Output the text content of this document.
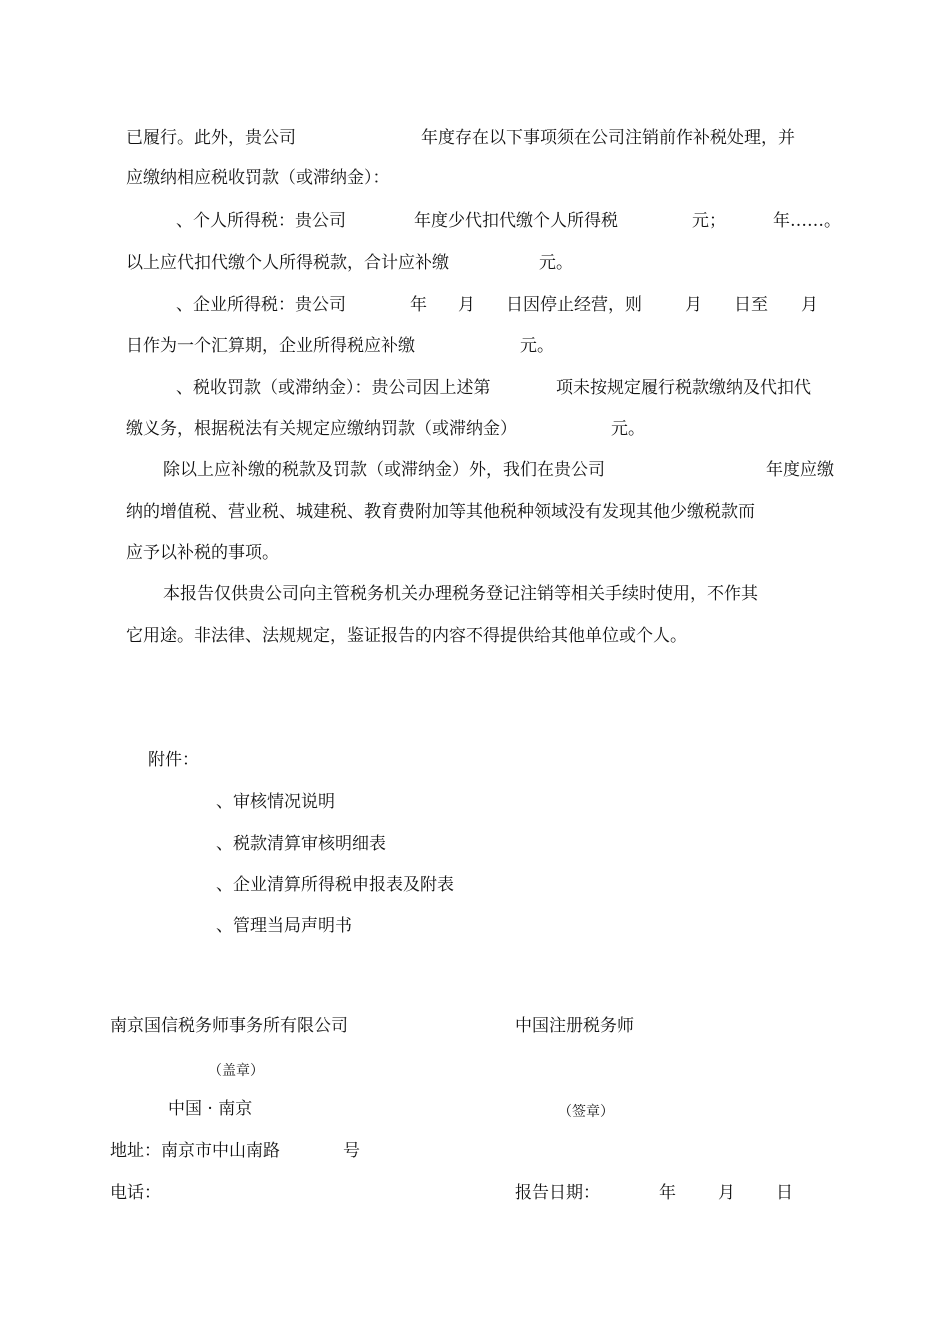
已履行。此外，贵公司	年度存在以下事项须在公司注销前作补税处理，并
应缴纳相应税收罚款（或滞纳金）：
、个人所得税：贵公司	年度少代扣代缴个人所得税	元；	年……。
以上应代扣代缴个人所得税款，合计应补缴	元。
、企业所得税：贵公司	年 月 日因停止经营，则	月 日至 月
日作为一个汇算期，企业所得税应补缴	元。
、税收罚款（或滞纳金）：贵公司因上述第	项未按规定履行税款缴纳及代扣代
缴义务，根据税法有关规定应缴纳罚款（或滞纳金）	元。
除以上应补缴的税款及罚款（或滞纳金）外，我们在贵公司	年度应缴
纳的增值税、营业税、城建税、教育费附加等其他税种领域没有发现其他少缴税款而
应予以补税的事项。
本报告仅供贵公司向主管税务机关办理税务登记注销等相关手续时使用，不作其
它用途。非法律、法规规定，鉴证报告的内容不得提供给其他单位或个人。
附件：
、审核情况说明
、税款清算审核明细表
、企业清算所得税申报表及附表
、管理当局声明书
南京国信税务师事务所有限公司	中国注册税务师
（盖章）
中国 · 南京	（签章）
地址：南京市中山南路	号
电话：	报告日期：	年 月 日
